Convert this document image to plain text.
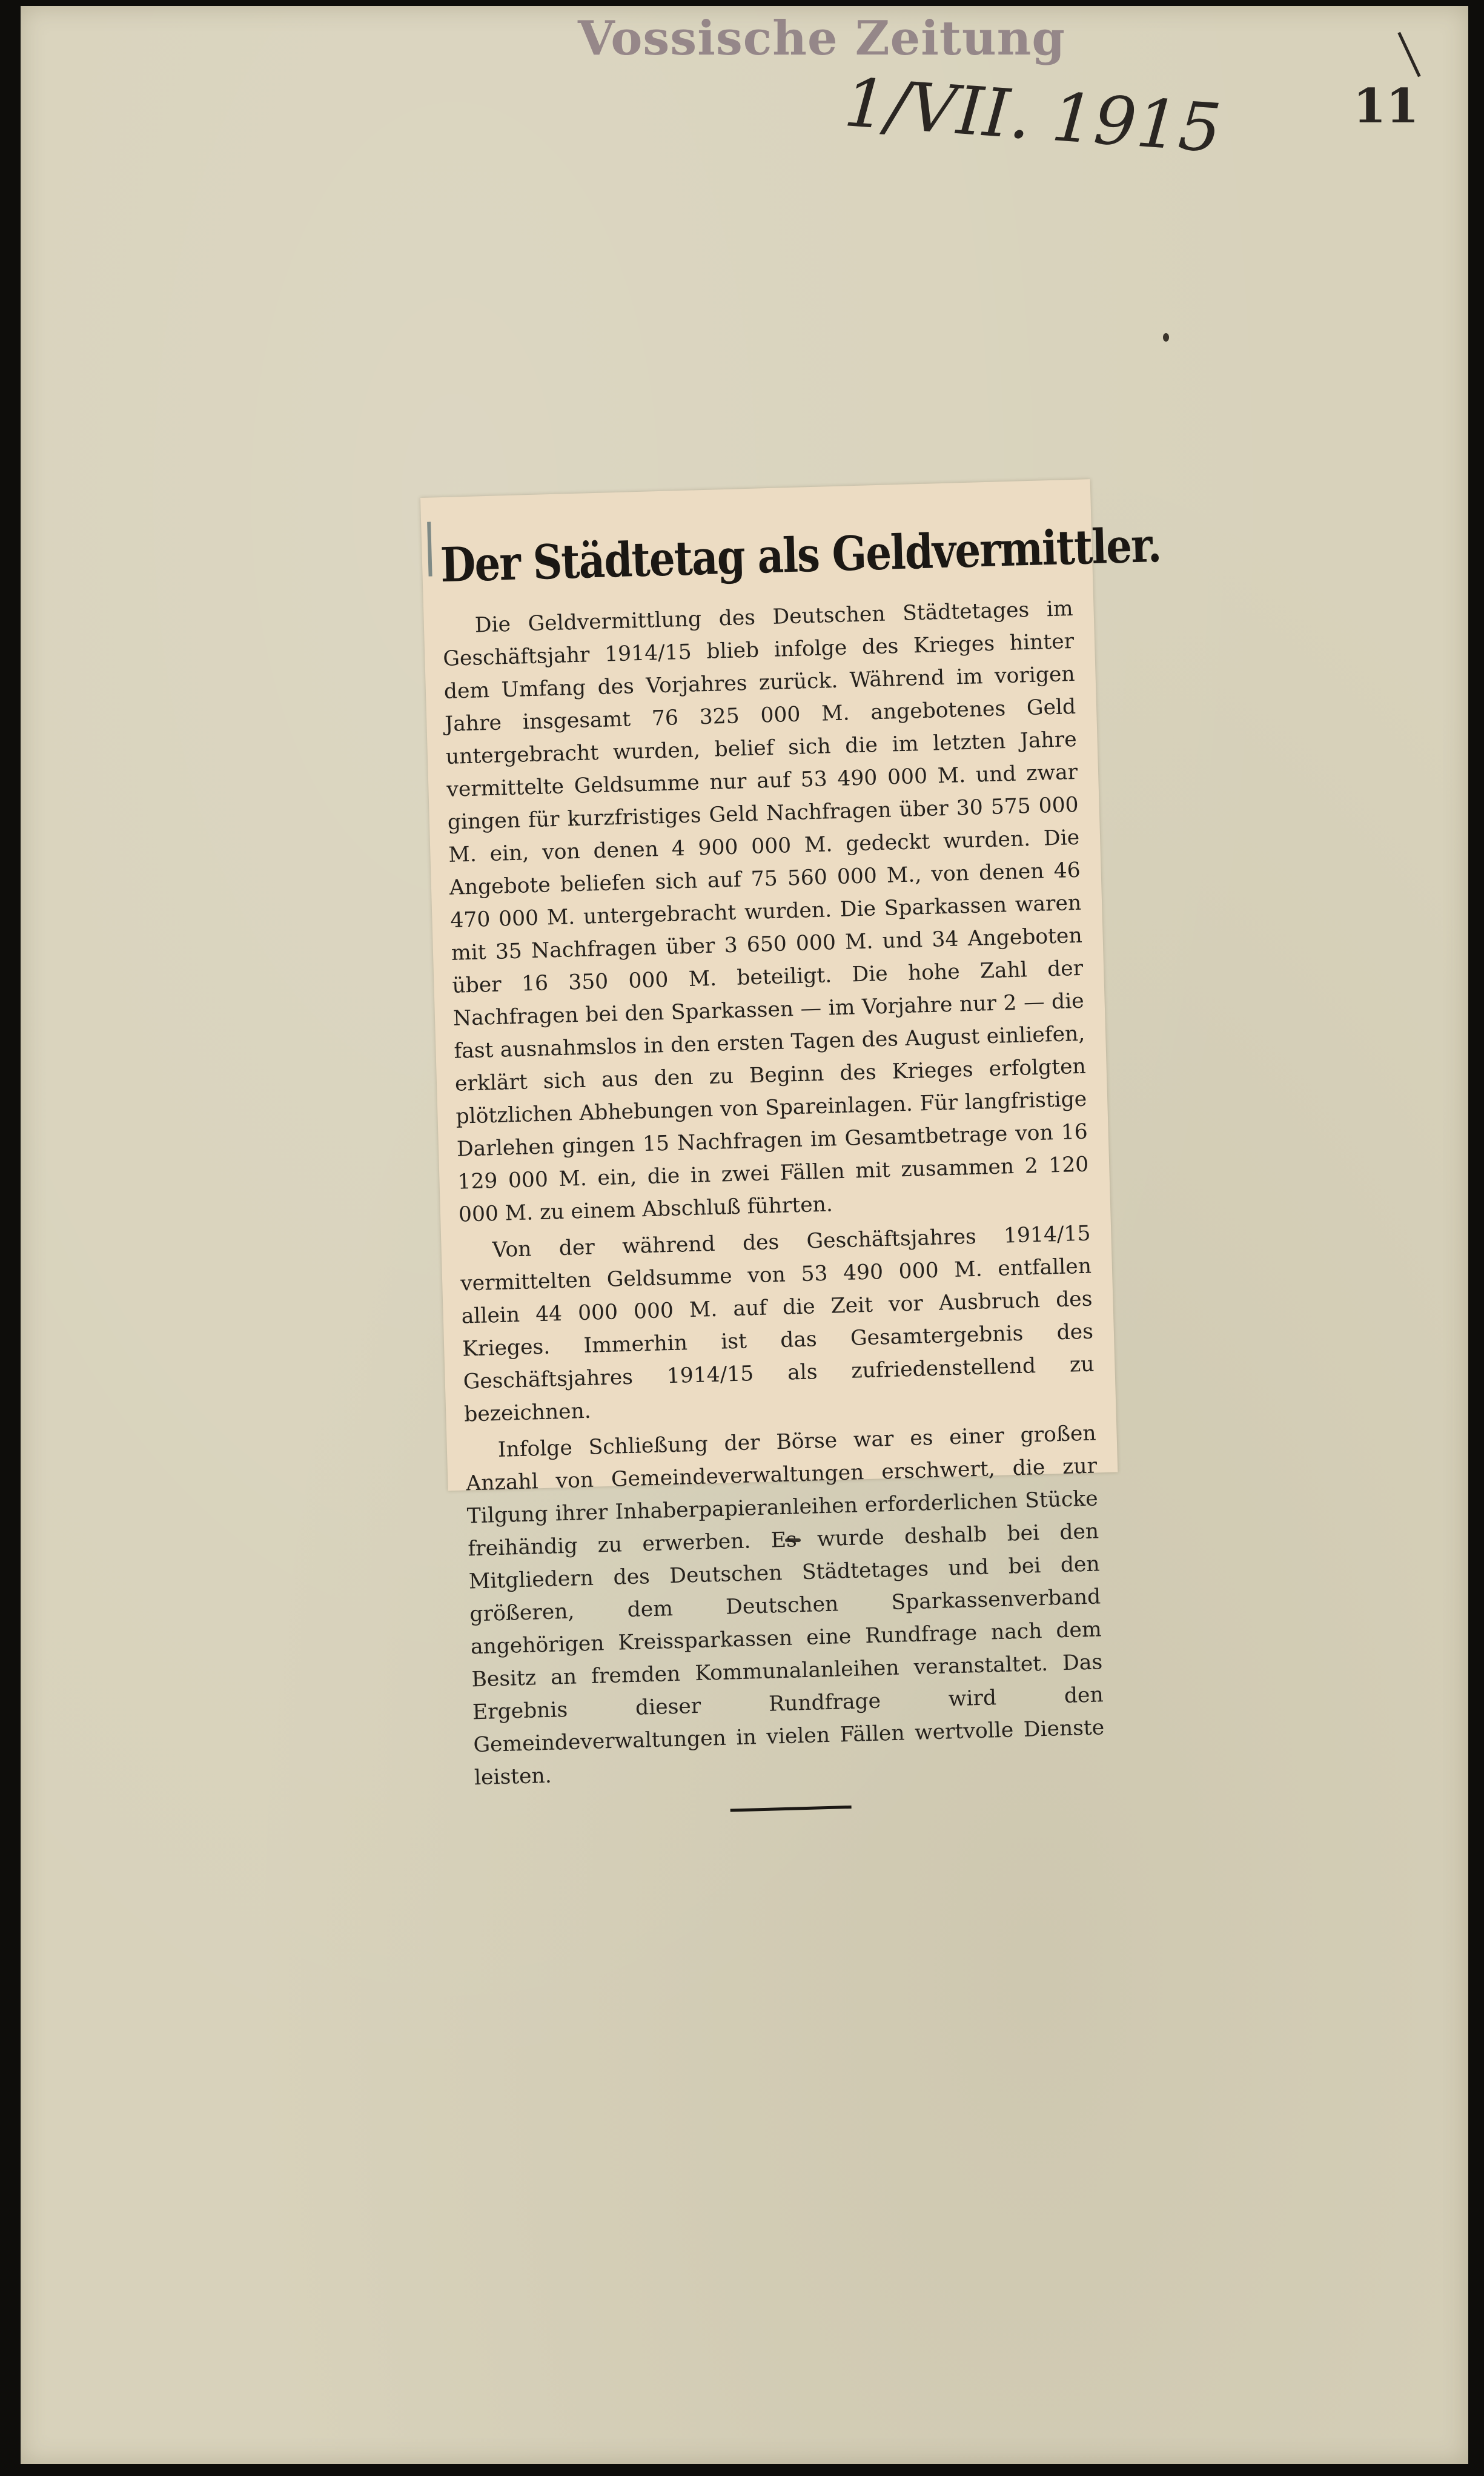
Vossische Zeitung
1/VII. 1915	11
Der Städtetag als Geldvermittler.

Die Geldvermittlung des Deutschen Städtetages im Geschäftsjahr 1914/15 blieb infolge des Krieges hinter dem Umfang des Vorjahres zurück. Während im vorigen Jahre insgesamt 76 325 000 M. angebotenes Geld untergebracht wurden, belief sich die im letzten Jahre vermittelte Geldsumme nur auf 53 490 000 M. und zwar gingen für kurzfristiges Geld Nachfragen über 30 575 000 M. ein, von denen 4 900 000 M. gedeckt wurden. Die Angebote beliefen sich auf 75 560 000 M., von denen 46 470 000 M. untergebracht wurden. Die Sparkassen waren mit 35 Nachfragen über 3 650 000 M. und 34 Angeboten über 16 350 000 M. beteiligt. Die hohe Zahl der Nachfragen bei den Sparkassen — im Vorjahre nur 2 — die fast ausnahmslos in den ersten Tagen des August einliefen, erklärt sich aus den zu Beginn des Krieges erfolgten plötzlichen Abhebungen von Spareinlagen. Für langfristige Darlehen gingen 15 Nachfragen im Gesamtbetrage von 16 129 000 M. ein, die in zwei Fällen mit zusammen 2 120 000 M. zu einem Abschluß führten.

Von der während des Geschäftsjahres 1914/15 vermittelten Geldsumme von 53 490 000 M. entfallen allein 44 000 000 M. auf die Zeit vor Ausbruch des Krieges. Immerhin ist das Gesamtergebnis des Geschäftsjahres 1914/15 als zufriedenstellend zu bezeichnen.

Infolge Schließung der Börse war es einer großen Anzahl von Gemeindeverwaltungen erschwert, die zur Tilgung ihrer Inhaberpapieranleihen erforderlichen Stücke freihändig zu erwerben. Es wurde deshalb bei den Mitgliedern des Deutschen Städtetages und bei den größeren, dem Deutschen Sparkassenverband angehörigen Kreissparkassen eine Rundfrage nach dem Besitz an fremden Kommunalanleihen veranstaltet. Das Ergebnis dieser Rundfrage wird den Gemeindeverwaltungen in vielen Fällen wertvolle Dienste leisten.
